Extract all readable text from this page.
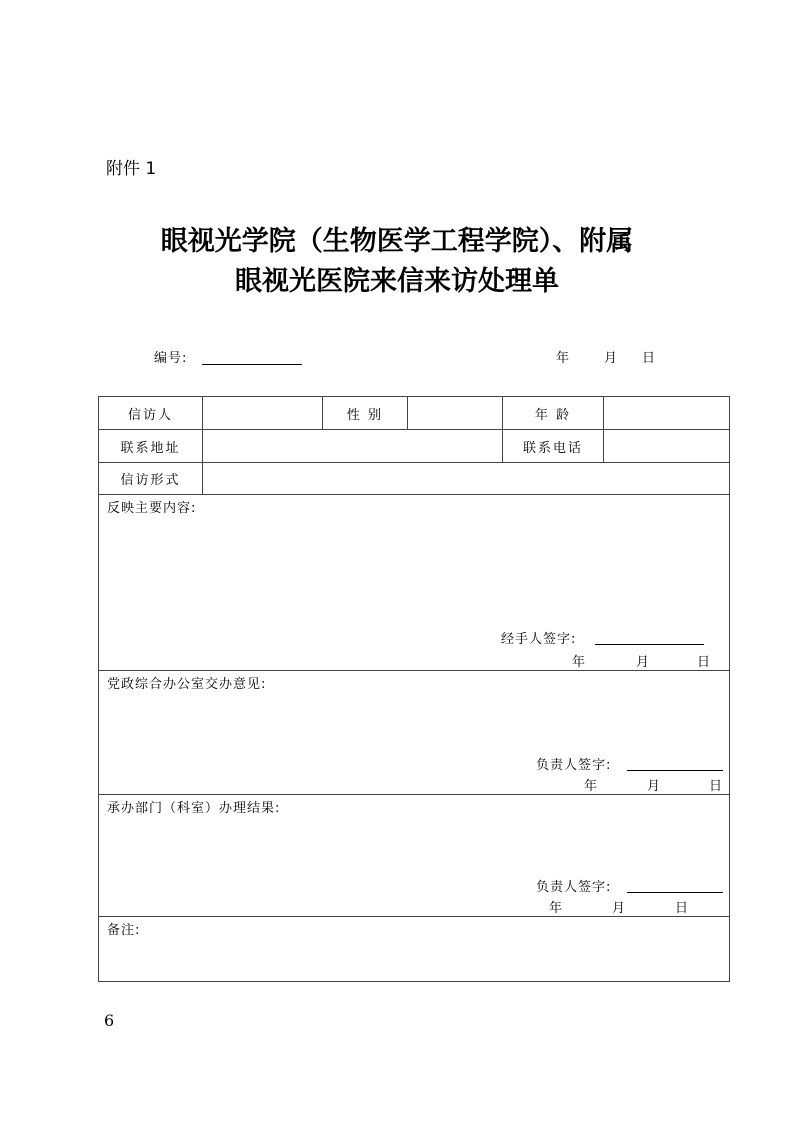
附件 1
眼视光学院（生物医学工程学院）、附属
眼视光医院来信来访处理单
编号:	年	月 日
信访人	性 别	年 龄
联系地址	联系电话
信访形式
反映主要内容:
经手人签字:
年	月	日
党政综合办公室交办意见:
负责人签字:
年	月	日
承办部门（科室）办理结果:
负责人签字:
年	月	日
备注:
6
